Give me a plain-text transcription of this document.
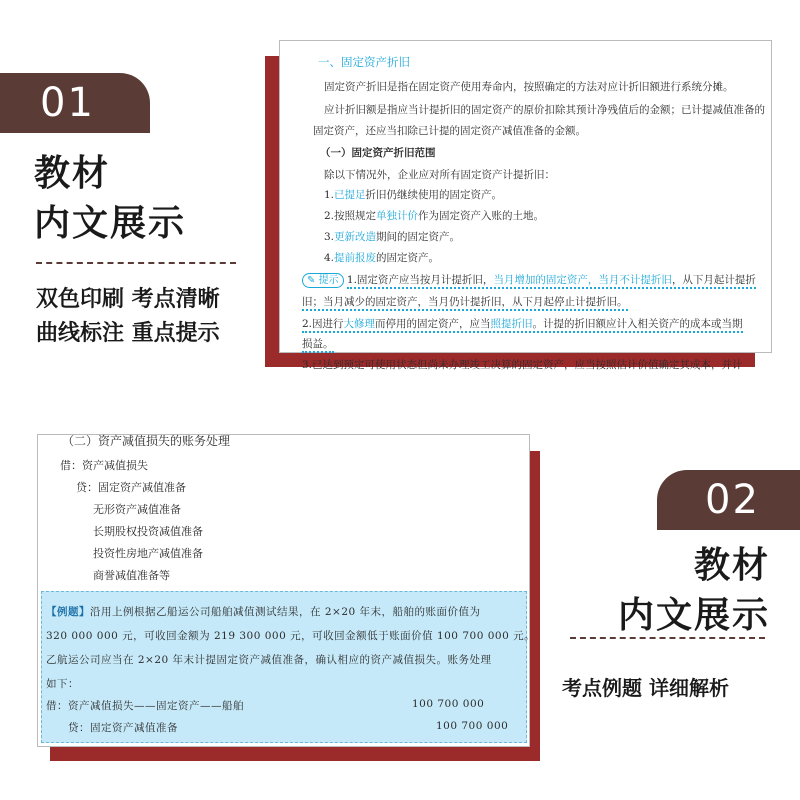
01
教材
内文展示
双色印刷 考点清晰
曲线标注 重点提示
一、固定资产折旧
固定资产折旧是指在固定资产使用寿命内，按照确定的方法对应计折旧额进行系统分摊。
应计折旧额是指应当计提折旧的固定资产的原价扣除其预计净残值后的金额；已计提减值准备的
固定资产，还应当扣除已计提的固定资产减值准备的金额。
（一）固定资产折旧范围
除以下情况外，企业应对所有固定资产计提折旧：
1.已提足折旧仍继续使用的固定资产。
2.按照规定单独计价作为固定资产入账的土地。
3.更新改造期间的固定资产。
4.提前报废的固定资产。
✎ 提示 1.固定资产应当按月计提折旧，当月增加的固定资产，当月不计提折旧，从下月起计提折
旧；当月减少的固定资产，当月仍计提折旧，从下月起停止计提折旧。
2.因进行大修理而停用的固定资产，应当照提折旧。计提的折旧额应计入相关资产的成本或当期
损益。
3.已达到预定可使用状态但尚未办理竣工决算的固定资产，应当按照估计价值确定其成本，并计
（二）资产减值损失的账务处理
借：资产减值损失
贷：固定资产减值准备
无形资产减值准备
长期股权投资减值准备
投资性房地产减值准备
商誉减值准备等
【例题】沿用上例根据乙船运公司船舶减值测试结果，在 2×20 年末，船舶的账面价值为
320 000 000 元，可收回金额为 219 300 000 元，可收回金额低于账面价值 100 700 000 元。
乙航运公司应当在 2×20 年末计提固定资产减值准备，确认相应的资产减值损失。账务处理
如下：
借：资产减值损失——固定资产——船舶	100 700 000
贷：固定资产减值准备	100 700 000
02
教材
内文展示
考点例题 详细解析
